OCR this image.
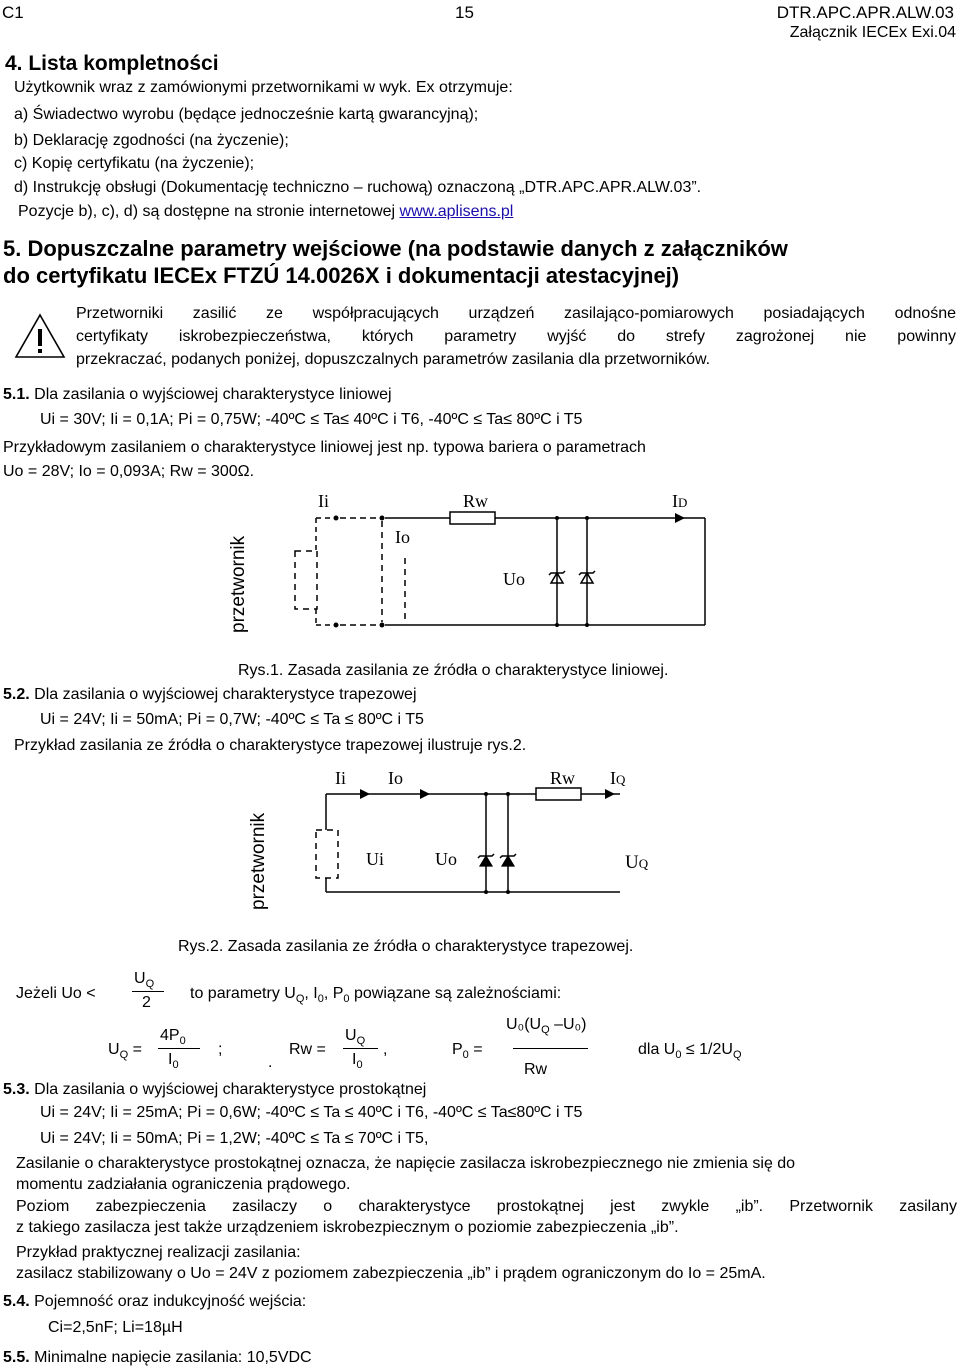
C1	15	DTR.APC.APR.ALW.03
Załącznik IECEx Exi.04
4. Lista kompletności
Użytkownik wraz z zamówionymi przetwornikami w wyk. Ex otrzymuje:
a) Świadectwo wyrobu (będące jednocześnie kartą gwarancyjną);
b) Deklarację zgodności (na życzenie);
c) Kopię certyfikatu (na życzenie);
d) Instrukcję obsługi (Dokumentację techniczno – ruchową) oznaczoną „DTR.APC.APR.ALW.03”.
Pozycje b), c), d) są dostępne na stronie internetowej www.aplisens.pl
5. Dopuszczalne parametry wejściowe (na podstawie danych z załączników
do certyfikatu IECEx FTZÚ 14.0026X i dokumentacji atestacyjnej)
Przetworniki zasilić ze współpracujących urządzeń zasilająco-pomiarowych posiadających odnośne
certyfikaty iskrobezpieczeństwa, których parametry wyjść do strefy zagrożonej nie powinny
przekraczać, podanych poniżej, dopuszczalnych parametrów zasilania dla przetworników.
5.1. Dla zasilania o wyjściowej charakterystyce liniowej
Ui = 30V; Ii = 0,1A; Pi = 0,75W; -40ºC ≤ Ta≤ 40ºC i T6, -40ºC ≤ Ta≤ 80ºC i T5
Przykładowym zasilaniem o charakterystyce liniowej jest np. typowa bariera o parametrach
Uo = 28V; Io = 0,093A; Rw = 300Ω.
Ii	Rw	ID
Io
Uo
przetwornik
Rys.1. Zasada zasilania ze źródła o charakterystyce liniowej.
5.2. Dla zasilania o wyjściowej charakterystyce trapezowej
Ui = 24V; Ii = 50mA; Pi = 0,7W; -40ºC ≤ Ta ≤ 80ºC i T5
Przykład zasilania ze źródła o charakterystyce trapezowej ilustruje rys.2.
Ii Io	Rw IQ
Ui	Uo	UQ
przetwornik
Rys.2. Zasada zasilania ze źródła o charakterystyce trapezowej.
Jeżeli Uo <
$U_Q$
2
to parametry $U_Q$, $I_0$, $P_0$ powiązane są zależnościami:
$U_Q$ =
$4P_0$
$I_0$
;
.
Rw =
$U_Q$
$I_0$
,	$P_0$ =
$U_0(U_Q$ –U₀)
Rw
dla $U_0 \le 1/2U_Q$
5.3. Dla zasilania o wyjściowej charakterystyce prostokątnej
Ui = 24V; Ii = 25mA; Pi = 0,6W; -40ºC ≤ Ta ≤ 40ºC i T6, -40ºC ≤ Ta≤80ºC i T5
Ui = 24V; Ii = 50mA; Pi = 1,2W; -40ºC ≤ Ta ≤ 70ºC i T5,
Zasilanie o charakterystyce prostokątnej oznacza, że napięcie zasilacza iskrobezpiecznego nie zmienia się do
momentu zadziałania ograniczenia prądowego.
Poziom zabezpieczenia zasilaczy o charakterystyce prostokątnej jest zwykle „ib”. Przetwornik zasilany
z takiego zasilacza jest także urządzeniem iskrobezpiecznym o poziomie zabezpieczenia „ib”.
Przykład praktycznej realizacji zasilania:
zasilacz stabilizowany o Uo = 24V z poziomem zabezpieczenia „ib” i prądem ograniczonym do Io = 25mA.
5.4. Pojemność oraz indukcyjność wejścia:
Ci=2,5nF; Li=18µH
5.5. Minimalne napięcie zasilania: 10,5VDC
